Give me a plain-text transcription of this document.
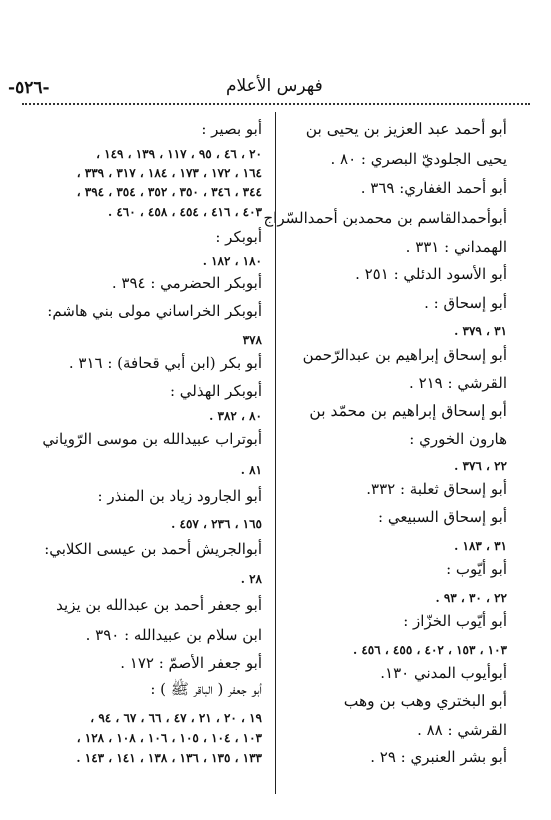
فهرس الأعلام
-٥٢٦-
أبو أحمد عبد العزيز بن يحيى بن
يحيى الجلوديّ البصري : ٨٠ .
أبو أحمد الغفاري: ٣٦٩ .
أبوأحمدالقاسم بن محمدبن أحمدالسّراج
الهمداني : ٣٣١ .
أبو الأسود الدئلي : ٢٥١ .
أبو إسحاق : .
٣١ ، ٣٧٩ .
أبو إسحاق إبراهيم بن عبدالرّحمن
القرشي : ٢١٩ .
أبو إسحاق إبراهيم بن محمّد بن
هارون الخوري :
٢٢ ، ٣٧٦ .
أبو إسحاق ثعلبة : ٣٣٢.
أبو إسحاق السبيعي :
٣١ ، ١٨٣ .
أبو أيّوب :
٢٢ ، ٣٠ ، ٩٣ .
أبو أيّوب الخزّاز :
١٠٣ ، ١٥٣ ، ٤٠٢ ، ٤٥٥ ، ٤٥٦ .
أبوأيوب المدني ١٣٠.
أبو البختري وهب بن وهب
القرشي : ٨٨ .
أبو بشر العنبري : ٢٩ .
أبو بصير :
٢٠ ، ٤٦ ، ٩٥ ، ١١٧ ، ١٣٩ ، ١٤٩ ،
١٦٤ ، ١٧٢ ، ١٧٣ ، ١٨٤ ، ٣١٧ ، ٣٣٩ ،
٣٤٤ ، ٣٤٦ ، ٣٥٠ ، ٣٥٢ ، ٣٥٤ ، ٣٩٤ ،
٤٠٣ ، ٤١٦ ، ٤٥٤ ، ٤٥٨ ، ٤٦٠ .
أبوبكر :
١٨٠ ، ١٨٢ .
أبوبكر الحضرمي : ٣٩٤ .
أبوبكر الخراساني مولى بني هاشم:
٣٧٨
أبو بكر (ابن أبي قحافة) : ٣١٦ .
أبوبكر الهذلي :
٨٠ ، ٣٨٢ .
أبوتراب عبيدالله بن موسى الرّوياني
٨١ .
أبو الجارود زياد بن المنذر :
١٦٥ ، ٢٣٦ ، ٤٥٧ .
أبوالجريش أحمد بن عيسى الكلابي:
٢٨ .
أبو جعفر أحمد بن عبدالله بن يزيد
ابن سلام بن عبيدالله : ٣٩٠ .
أبو جعفر الأصمّ : ١٧٢ .
أبو جعفر ( الباقر ﷺ ) :
١٩ ، ٢٠ ، ٢١ ، ٤٧ ، ٦٦ ، ٦٧ ، ٩٤ ،
١٠٣ ، ١٠٤ ، ١٠٥ ، ١٠٦ ، ١٠٨ ، ١٢٨ ،
١٣٣ ، ١٣٥ ، ١٣٦ ، ١٣٨ ، ١٤١ ، ١٤٣ .
